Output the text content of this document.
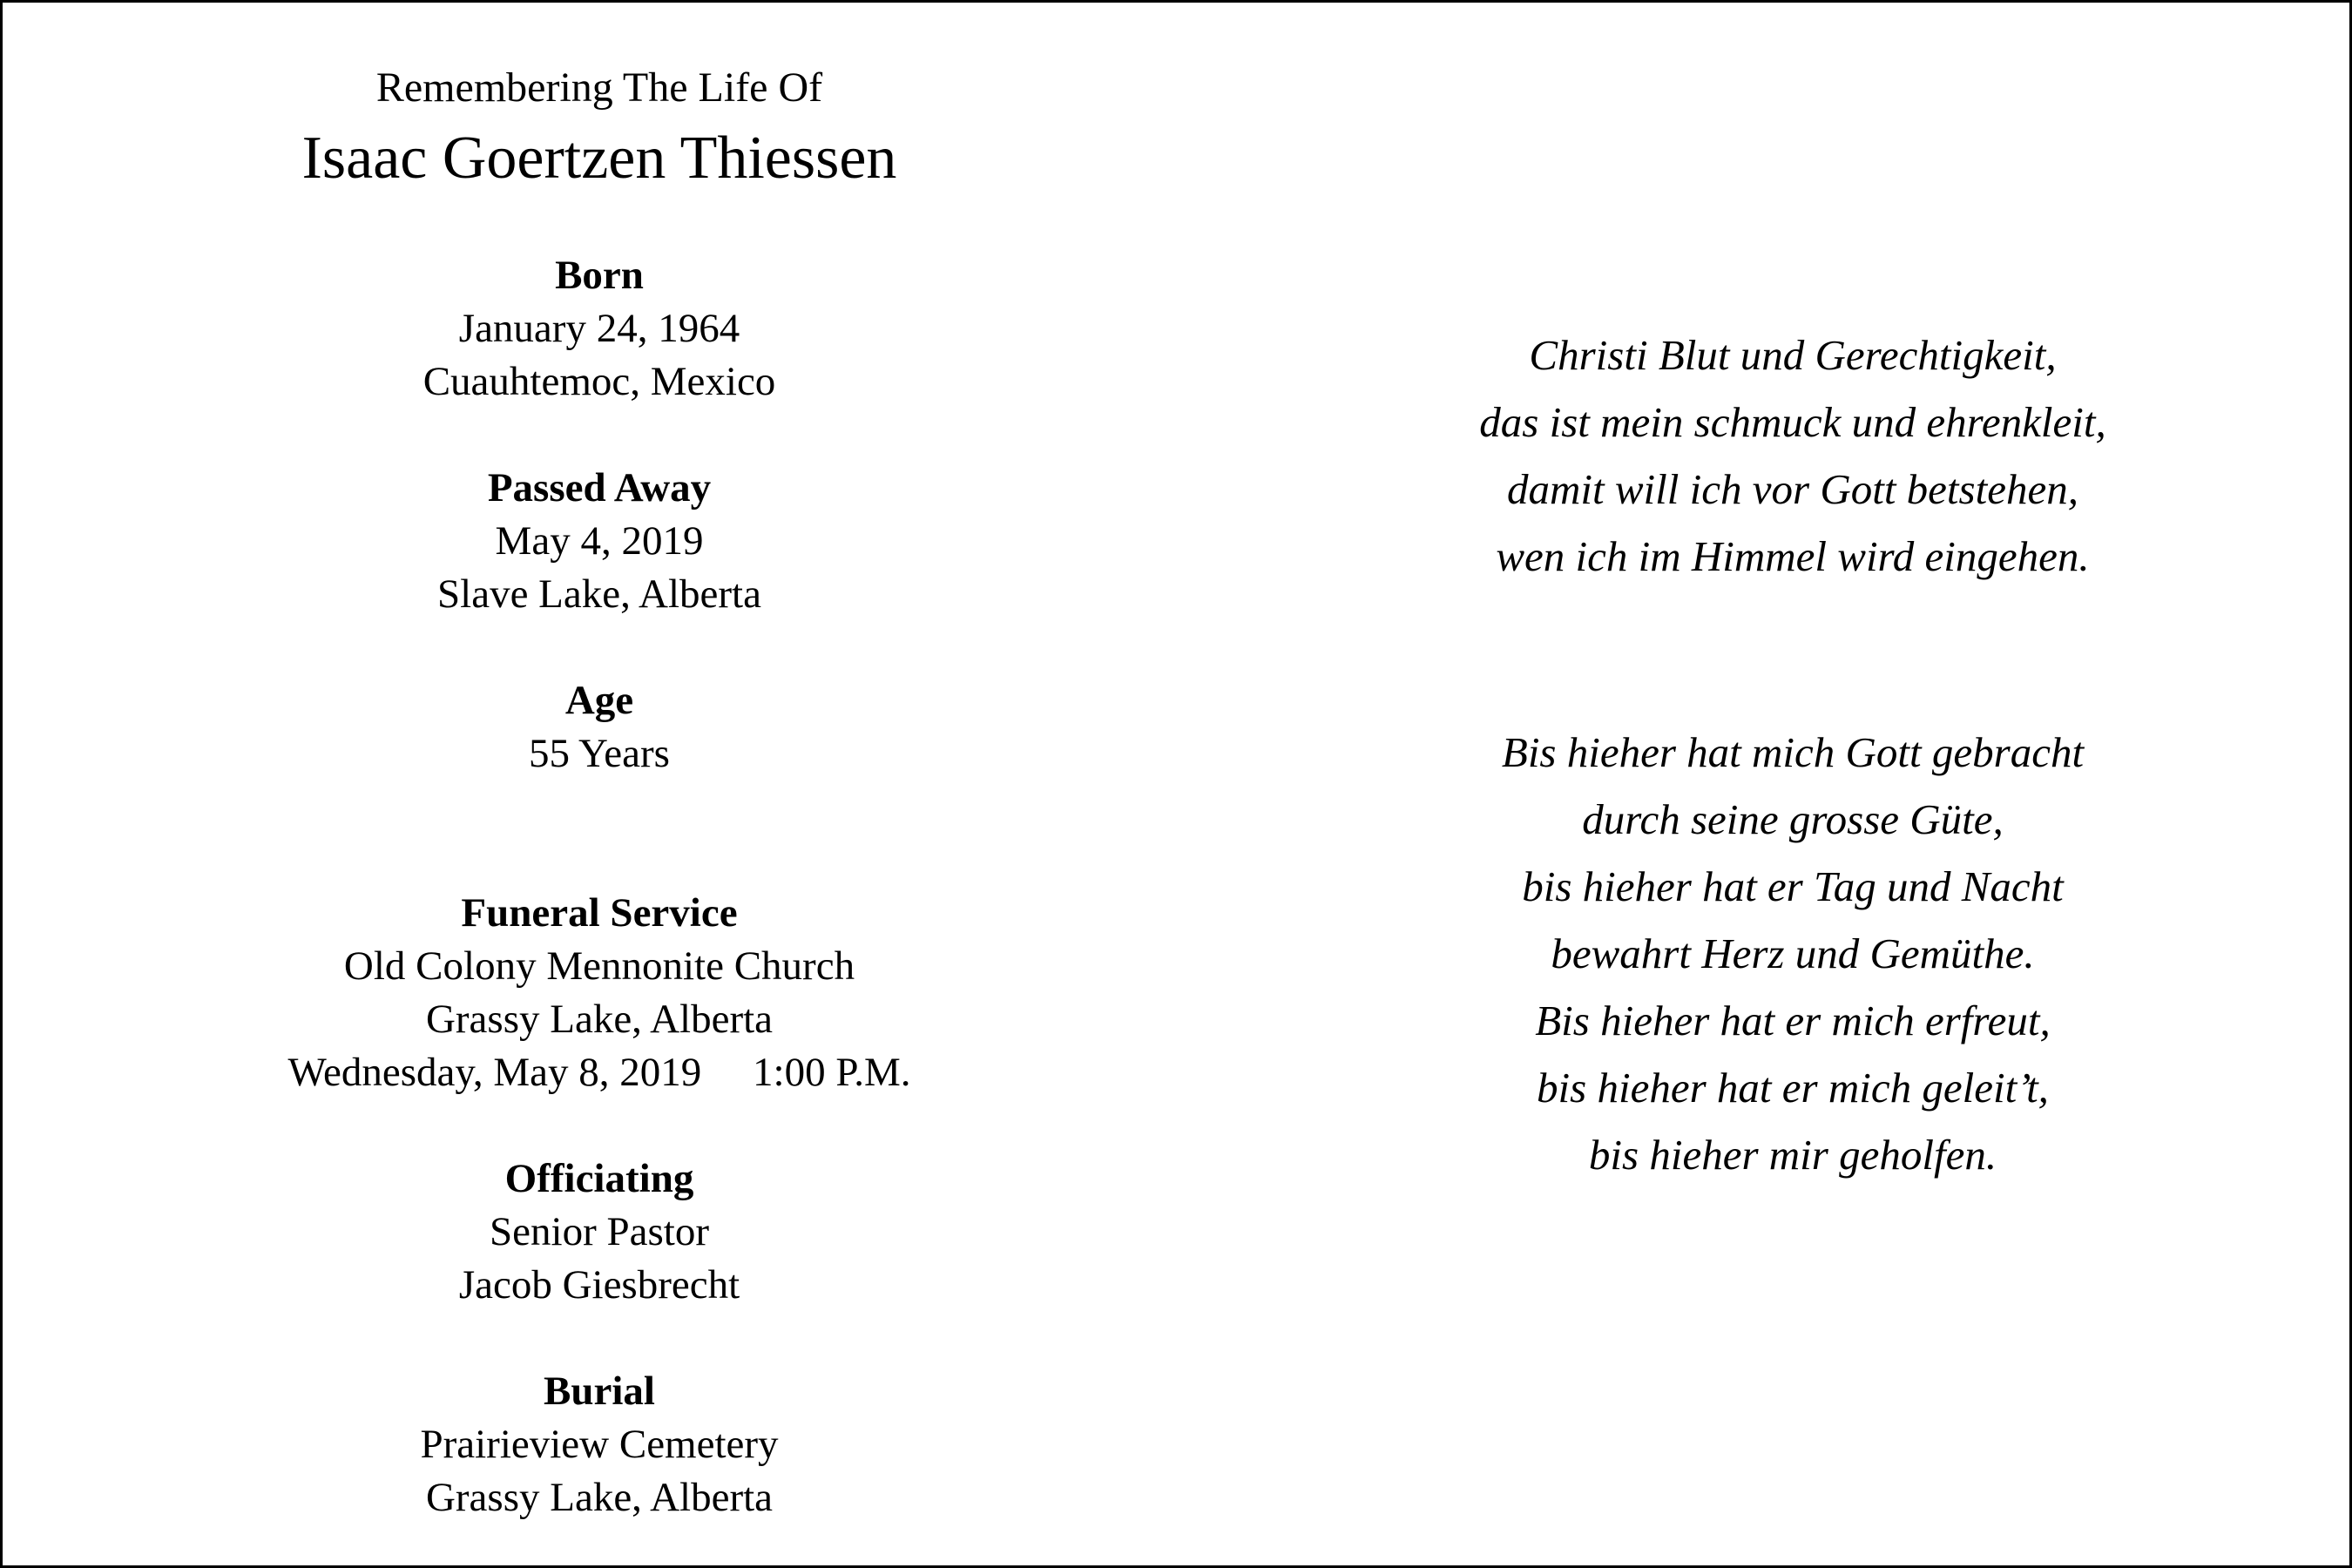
Remembering The Life Of
Isaac Goertzen Thiessen
Born
January 24, 1964
Cuauhtemoc, Mexico
Passed Away
May 4, 2019
Slave Lake, Alberta
Age
55 Years
Funeral Service
Old Colony Mennonite Church
Grassy Lake, Alberta
Wednesday, May 8, 2019     1:00 P.M.
Officiating
Senior Pastor
Jacob Giesbrecht
Burial
Prairieview Cemetery
Grassy Lake, Alberta
Christi Blut und Gerechtigkeit,
das ist mein schmuck und ehrenkleit,
damit will ich vor Gott betstehen,
wen ich im Himmel wird eingehen.
Bis hieher hat mich Gott gebracht
durch seine grosse Güte,
bis hieher hat er Tag und Nacht
bewahrt Herz und Gemüthe.
Bis hieher hat er mich erfreut,
bis hieher hat er mich geleit’t,
bis hieher mir geholfen.
